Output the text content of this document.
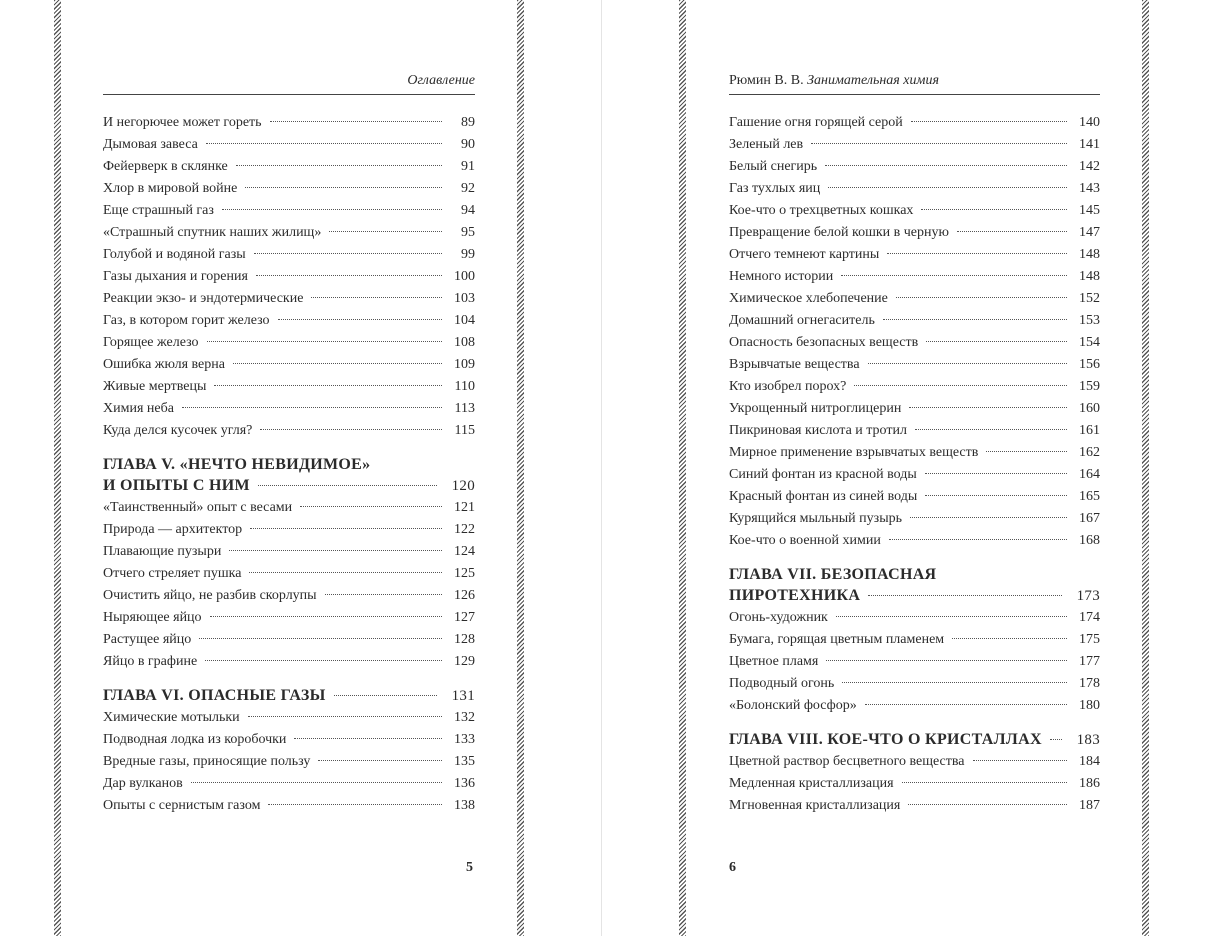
Оглавление
И негорючее может гореть	89
Дымовая завеса	90
Фейерверк в склянке	91
Хлор в мировой войне	92
Еще страшный газ	94
«Страшный спутник наших жилищ»	95
Голубой и водяной газы	99
Газы дыхания и горения	100
Реакции экзо- и эндотермические	103
Газ, в котором горит железо	104
Горящее железо	108
Ошибка жюля верна	109
Живые мертвецы	110
Химия неба	113
Куда делся кусочек угля?	115
ГЛАВА V. «НЕЧТО НЕВИДИМОЕ»
И ОПЫТЫ С НИМ	120
«Таинственный» опыт с весами	121
Природа — архитектор	122
Плавающие пузыри	124
Отчего стреляет пушка	125
Очистить яйцо, не разбив скорлупы	126
Ныряющее яйцо	127
Растущее яйцо	128
Яйцо в графине	129
ГЛАВА VI. ОПАСНЫЕ ГАЗЫ	131
Химические мотыльки	132
Подводная лодка из коробочки	133
Вредные газы, приносящие пользу	135
Дар вулканов	136
Опыты с сернистым газом	138
5
Рюмин В. В. Занимательная химия
Гашение огня горящей серой	140
Зеленый лев	141
Белый снегирь	142
Газ тухлых яиц	143
Кое-что о трехцветных кошках	145
Превращение белой кошки в черную	147
Отчего темнеют картины	148
Немного истории	148
Химическое хлебопечение	152
Домашний огнегаситель	153
Опасность безопасных веществ	154
Взрывчатые вещества	156
Кто изобрел порох?	159
Укрощенный нитроглицерин	160
Пикриновая кислота и тротил	161
Мирное применение взрывчатых веществ	162
Синий фонтан из красной воды	164
Красный фонтан из синей воды	165
Курящийся мыльный пузырь	167
Кое-что о военной химии	168
ГЛАВА VII. БЕЗОПАСНАЯ
ПИРОТЕХНИКА	173
Огонь-художник	174
Бумага, горящая цветным пламенем	175
Цветное пламя	177
Подводный огонь	178
«Болонский фосфор»	180
ГЛАВА VIII. КОЕ-ЧТО О КРИСТАЛЛАХ	183
Цветной раствор бесцветного вещества	184
Медленная кристаллизация	186
Мгновенная кристаллизация	187
6
